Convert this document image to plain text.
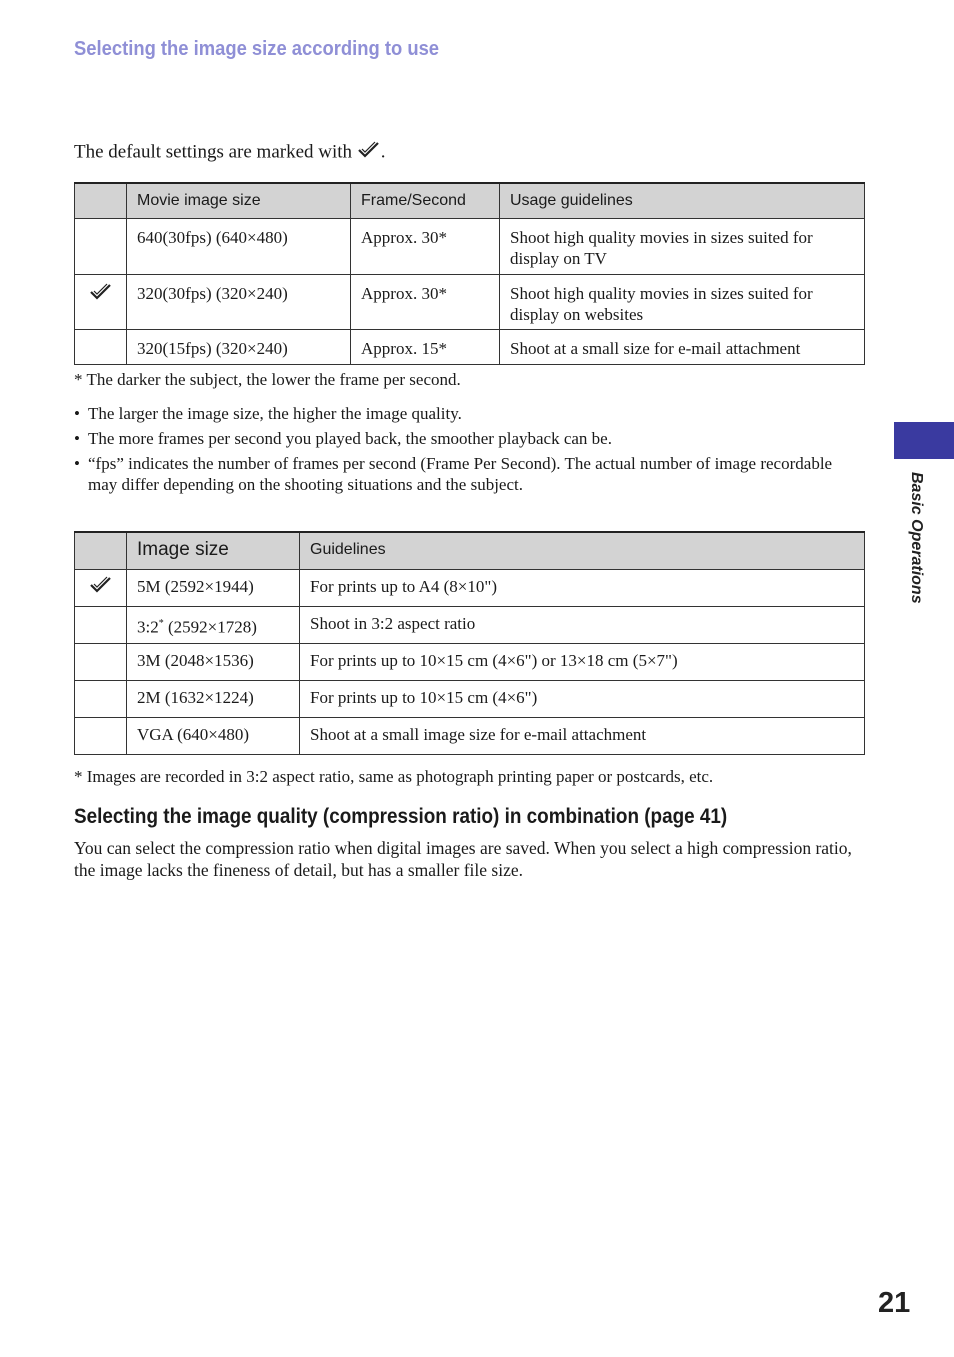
Selecting the image size according to use
The default settings are marked with .
	Movie image size	Frame/Second	Usage guidelines
	640(30fps) (640×480)	Approx. 30*	Shoot high quality movies in sizes suited for display on TV
	320(30fps) (320×240)	Approx. 30*	Shoot high quality movies in sizes suited for display on websites
	320(15fps) (320×240)	Approx. 15*	Shoot at a small size for e-mail attachment
* The darker the subject, the lower the frame per second.
• The larger the image size, the higher the image quality.
• The more frames per second you played back, the smoother playback can be.
• “fps” indicates the number of frames per second (Frame Per Second). The actual number of image recordable may differ depending on the shooting situations and the subject.
	Image size	Guidelines
	5M (2592×1944)	For prints up to A4 (8×10")
	3:2* (2592×1728)	Shoot in 3:2 aspect ratio
	3M (2048×1536)	For prints up to 10×15 cm (4×6") or 13×18 cm (5×7")
	2M (1632×1224)	For prints up to 10×15 cm (4×6")
	VGA (640×480)	Shoot at a small image size for e-mail attachment
* Images are recorded in 3:2 aspect ratio, same as photograph printing paper or postcards, etc.
Selecting the image quality (compression ratio) in combination (page 41)
You can select the compression ratio when digital images are saved. When you select a high compression ratio, the image lacks the fineness of detail, but has a smaller file size.
Basic Operations
21
